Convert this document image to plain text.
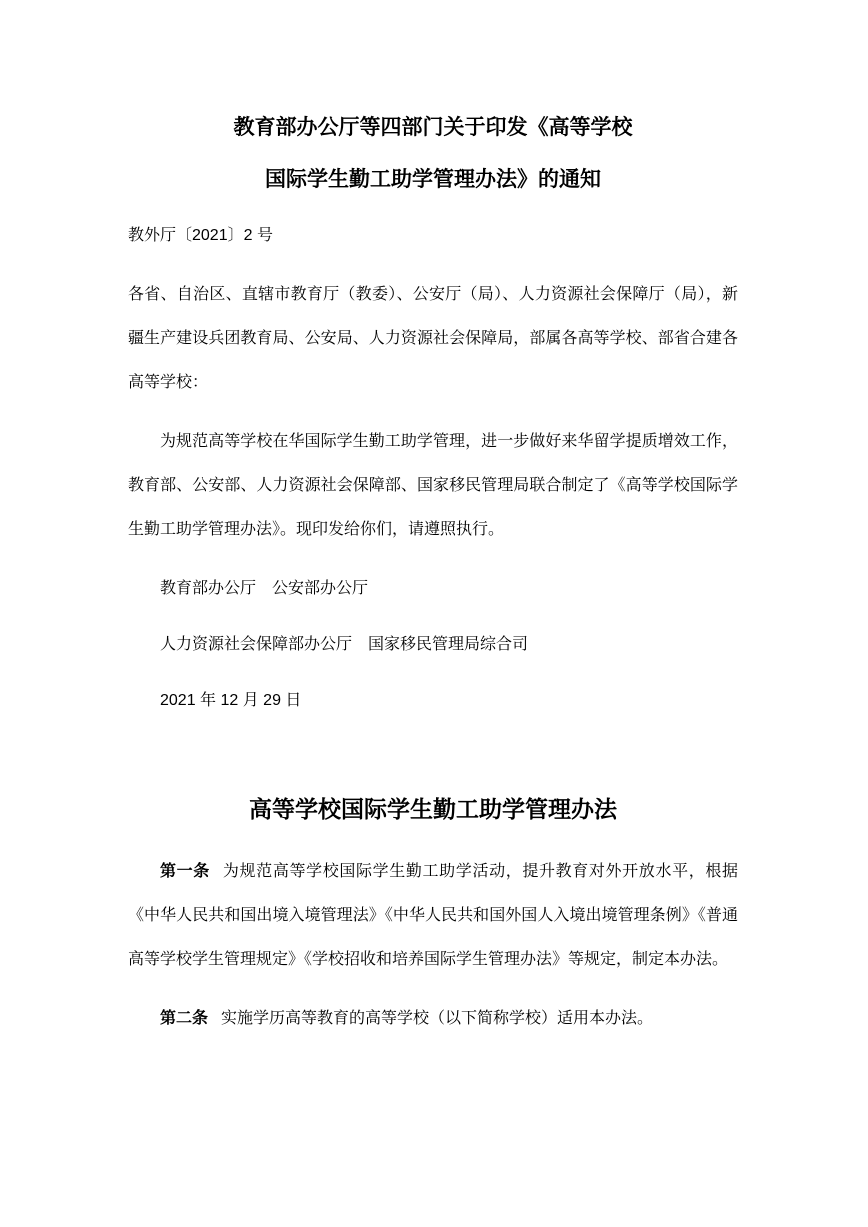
教育部办公厅等四部门关于印发《高等学校
国际学生勤工助学管理办法》的通知

教外厅〔2021〕2 号

各省、自治区、直辖市教育厅（教委）、公安厅（局）、人力资源社会保障厅（局），新疆生产建设兵团教育局、公安局、人力资源社会保障局，部属各高等学校、部省合建各高等学校：

为规范高等学校在华国际学生勤工助学管理，进一步做好来华留学提质增效工作，教育部、公安部、人力资源社会保障部、国家移民管理局联合制定了《高等学校国际学生勤工助学管理办法》。现印发给你们，请遵照执行。

教育部办公厅　公安部办公厅

人力资源社会保障部办公厅　国家移民管理局综合司

2021 年 12 月 29 日

高等学校国际学生勤工助学管理办法

第一条 为规范高等学校国际学生勤工助学活动，提升教育对外开放水平，根据《中华人民共和国出境入境管理法》《中华人民共和国外国人入境出境管理条例》《普通高等学校学生管理规定》《学校招收和培养国际学生管理办法》等规定，制定本办法。

第二条 实施学历高等教育的高等学校（以下简称学校）适用本办法。
